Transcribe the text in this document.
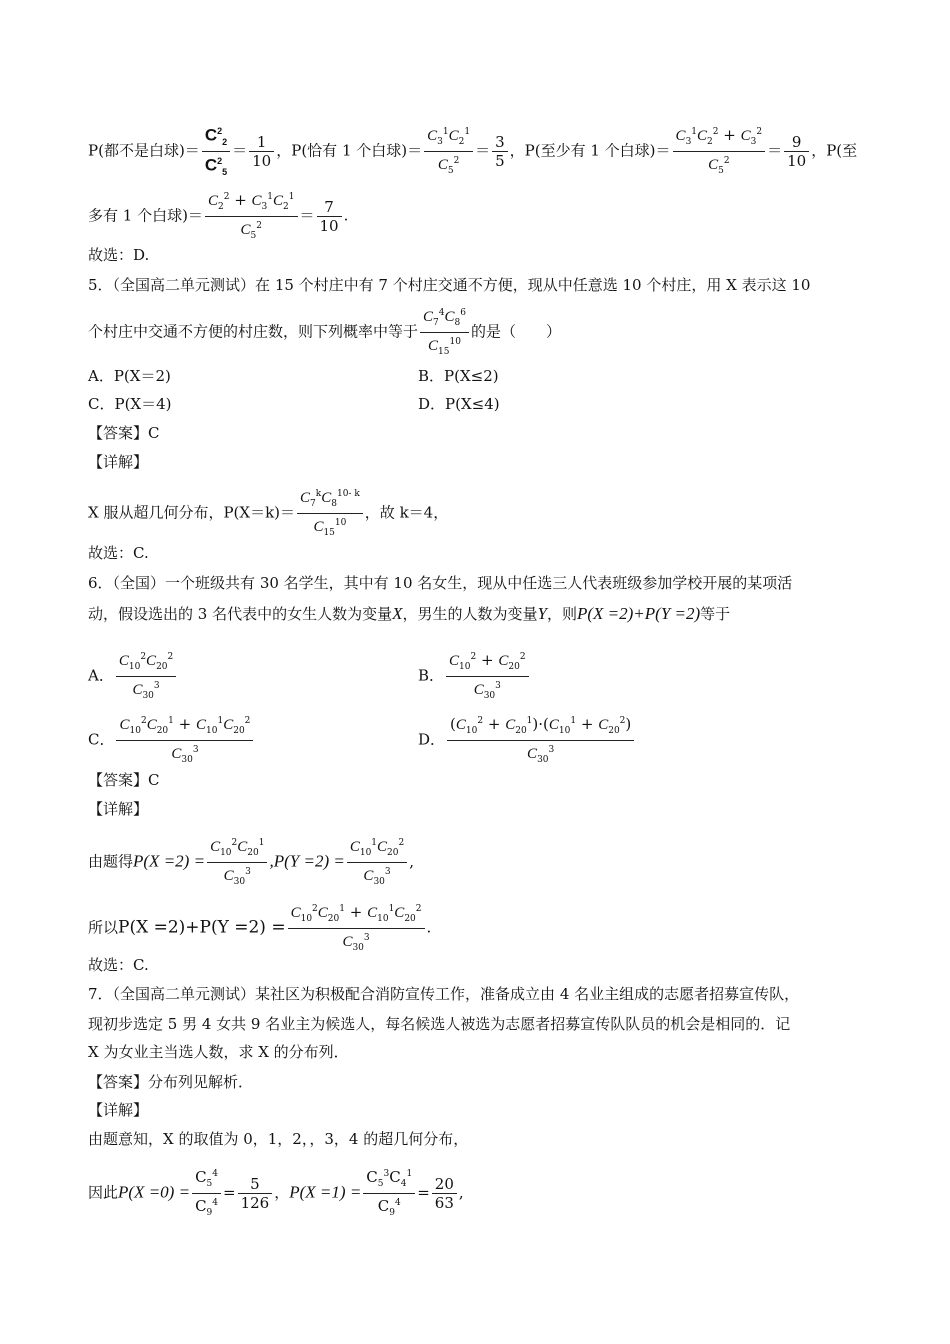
P(都不是白球)＝ $\frac{C^2_2}{C^2_5} = \frac{1}{10}$ ，P(恰有 1 个白球)＝ $\frac{C_3^1C_2^1}{C_5^2} = \frac{3}{5}$ ，P(至少有 1 个白球)＝ $\frac{C_3^1C_2^2 + C_3^2}{C_5^2} = \frac{9}{10}$ ，P(至
多有 1 个白球)＝ $\frac{C_2^2 + C_3^1C_2^1}{C_5^2} = \frac{7}{10}$ .
故选：D.
5．（全国高二单元测试）在 15 个村庄中有 7 个村庄交通不方便，现从中任意选 10 个村庄，用 X 表示这 10
个村庄中交通不方便的村庄数，则下列概率中等于 $\frac{C_7^4C_8^6}{C_{15}^{10}}$ 的是（　　）
A．P(X＝2)	B．P(X≤2)
C．P(X＝4)	D．P(X≤4)
【答案】C
【详解】
X 服从超几何分布，$P(X=k)= \frac{C_7^kC_8^{10- k}}{C_{15}^{10}}$ ，故 k＝4，
故选：C.
6．（全国）一个班级共有 30 名学生，其中有 10 名女生，现从中任选三人代表班级参加学校开展的某项活
动，假设选出的 3 名代表中的女生人数为变量X，男生的人数为变量Y，则P(X =2)+P(Y =2)等于
A． $\frac{C_{10}^2C_{20}^2}{C_{30}^3}$	B． $\frac{C_{10}^2 + C_{20}^2}{C_{30}^3}$
C． $\frac{C_{10}^2C_{20}^1 + C_{10}^1C_{20}^2}{C_{30}^3}$	D． $\frac{(C_{10}^2 + C_{20}^1)\cdot(C_{10}^1 + C_{20}^2)}{C_{30}^3}$
【答案】C
【详解】
由题得$P(X =2) = \frac{C_{10}^2C_{20}^1}{C_{30}^3} ,P(Y =2) = \frac{C_{10}^1C_{20}^2}{C_{30}^3}$ ,
所以$P(X =2)+P(Y =2) = \frac{C_{10}^2C_{20}^1 + C_{10}^1C_{20}^2}{C_{30}^3}$ .
故选：C.
7．（全国高二单元测试）某社区为积极配合消防宣传工作，准备成立由 4 名业主组成的志愿者招募宣传队，
现初步选定 5 男 4 女共 9 名业主为候选人，每名候选人被选为志愿者招募宣传队队员的机会是相同的．记
X 为女业主当选人数，求 X 的分布列．
【答案】分布列见解析．
【详解】
由题意知，X 的取值为 0，1，2，，3，4 的超几何分布，
因此$P(X =0) = \frac{C_5^4}{C_9^4} = \frac{5}{126}$ ，$P(X =1) = \frac{C_5^3C_4^1}{C_9^4} = \frac{20}{63}$ ,
